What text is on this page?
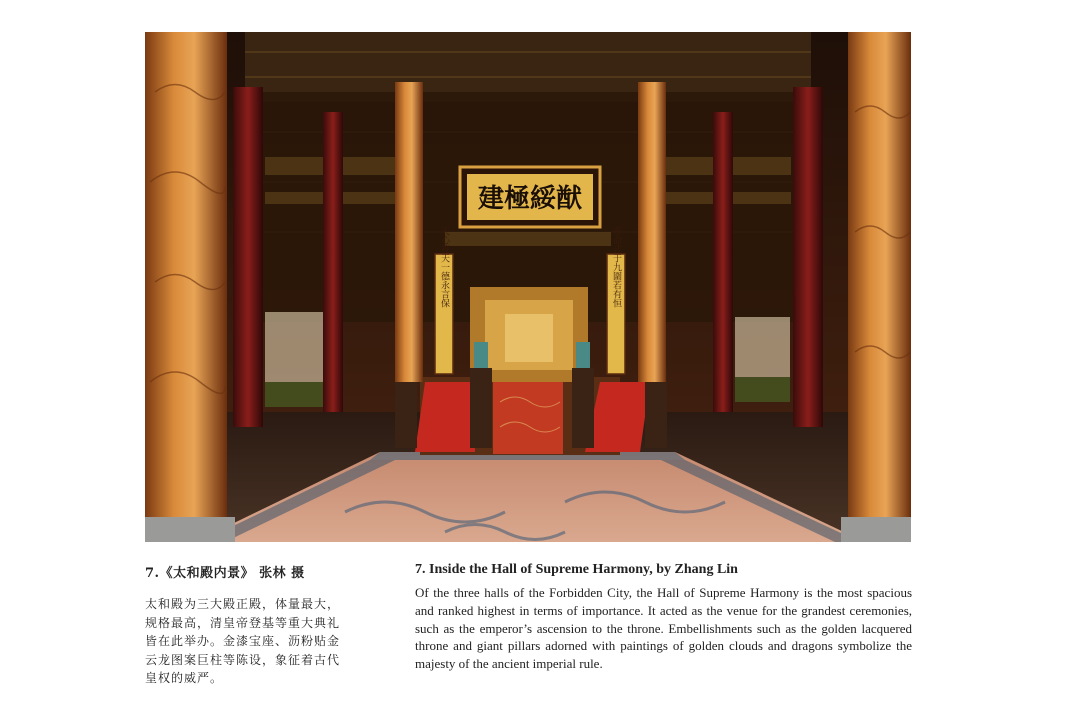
建極綏猷
天心符天一德永言保	帝命式于九圍若有恒

7.《太和殿内景》 张林 摄

太和殿为三大殿正殿，体量最大，规格最高，清皇帝登基等重大典礼皆在此举办。金漆宝座、沥粉贴金云龙图案巨柱等陈设，象征着古代皇权的威严。

7. Inside the Hall of Supreme Harmony, by Zhang Lin

Of the three halls of the Forbidden City, the Hall of Supreme Harmony is the most spacious and ranked highest in terms of importance. It acted as the venue for the grandest ceremonies, such as the emperor’s ascension to the throne. Embellishments such as the golden lacquered throne and giant pillars adorned with paintings of golden clouds and dragons symbolize the majesty of the ancient imperial rule.
